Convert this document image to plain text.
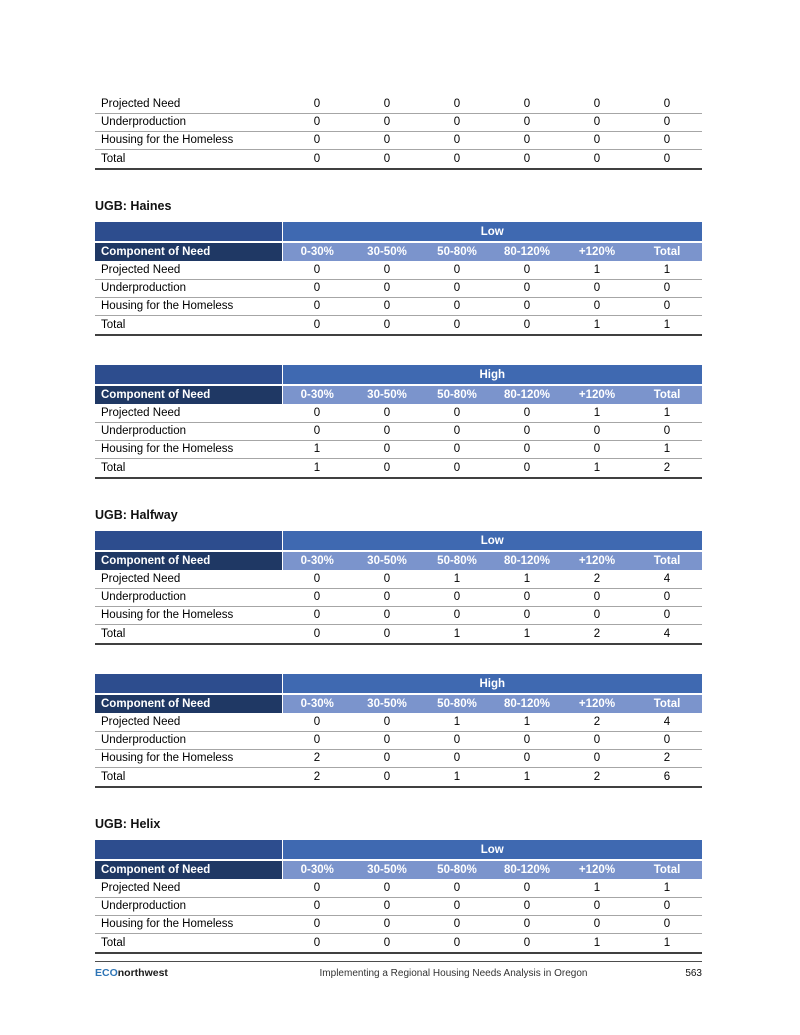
Projected Need	0	0	0	0	0	0
Underproduction	0	0	0	0	0	0
Housing for the Homeless	0	0	0	0	0	0
Total	0	0	0	0	0	0
UGB: Haines
	Low					
Component of Need	0-30%	30-50%	50-80%	80-120%	+120%	Total
Projected Need	0	0	0	0	1	1
Underproduction	0	0	0	0	0	0
Housing for the Homeless	0	0	0	0	0	0
Total	0	0	0	0	1	1
	High					
Component of Need	0-30%	30-50%	50-80%	80-120%	+120%	Total
Projected Need	0	0	0	0	1	1
Underproduction	0	0	0	0	0	0
Housing for the Homeless	1	0	0	0	0	1
Total	1	0	0	0	1	2
UGB: Halfway
	Low					
Component of Need	0-30%	30-50%	50-80%	80-120%	+120%	Total
Projected Need	0	0	1	1	2	4
Underproduction	0	0	0	0	0	0
Housing for the Homeless	0	0	0	0	0	0
Total	0	0	1	1	2	4
	High					
Component of Need	0-30%	30-50%	50-80%	80-120%	+120%	Total
Projected Need	0	0	1	1	2	4
Underproduction	0	0	0	0	0	0
Housing for the Homeless	2	0	0	0	0	2
Total	2	0	1	1	2	6
UGB: Helix
	Low					
Component of Need	0-30%	30-50%	50-80%	80-120%	+120%	Total
Projected Need	0	0	0	0	1	1
Underproduction	0	0	0	0	0	0
Housing for the Homeless	0	0	0	0	0	0
Total	0	0	0	0	1	1
ECOnorthwest	Implementing a Regional Housing Needs Analysis in Oregon	563
